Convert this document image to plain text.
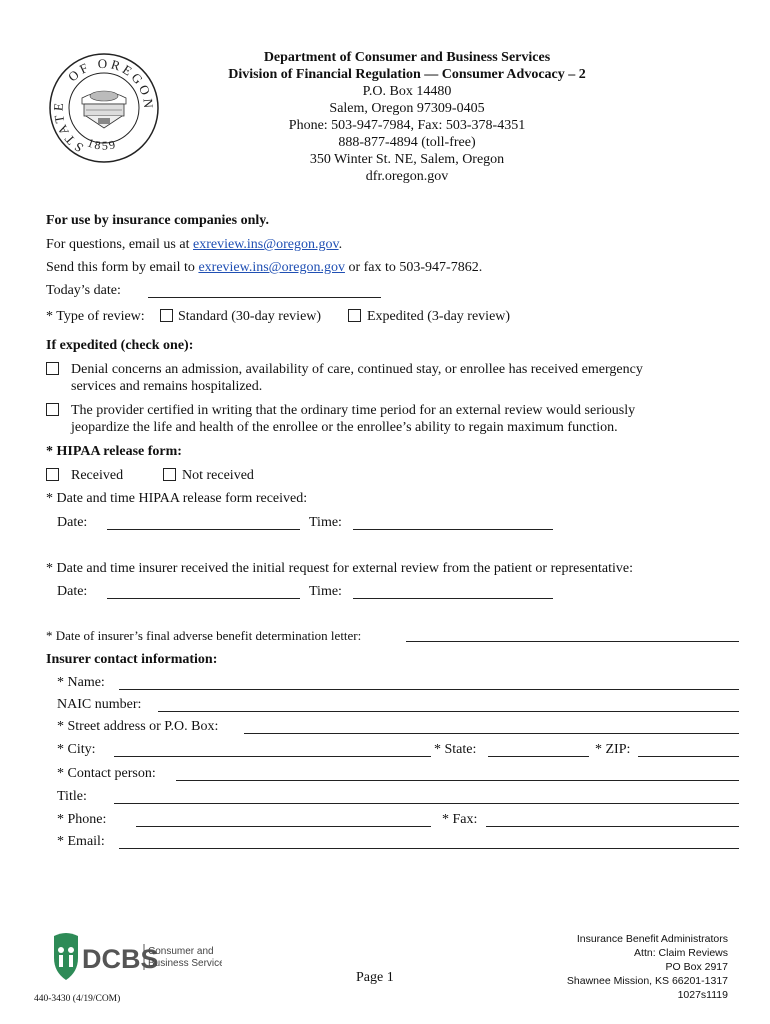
OF OREGON
STATE
1859
Department of Consumer and Business Services
Division of Financial Regulation — Consumer Advocacy – 2
P.O. Box 14480
Salem, Oregon 97309-0405
Phone: 503-947-7984, Fax: 503-378-4351
888-877-4894 (toll-free)
350 Winter St. NE, Salem, Oregon
dfr.oregon.gov
For use by insurance companies only.
For questions, email us at exreview.ins@oregon.gov.
Send this form by email to exreview.ins@oregon.gov or fax to 503-947-7862.
Today’s date:
* Type of review: Standard (30-day review)	Expedited (3-day review)
If expedited (check one):
Denial concerns an admission, availability of care, continued stay, or enrollee has received emergency
services and remains hospitalized.
The provider certified in writing that the ordinary time period for an external review would seriously
jeopardize the life and health of the enrollee or the enrollee’s ability to regain maximum function.
* HIPAA release form:
Received	Not received
* Date and time HIPAA release form received:
Date:	Time:
* Date and time insurer received the initial request for external review from the patient or representative:
Date:	Time:
* Date of insurer’s final adverse benefit determination letter:
Insurer contact information:
* Name:
NAIC number:
* Street address or P.O. Box:
* City:	* State:	* ZIP:
* Contact person:
Title:
* Phone:	* Fax:
* Email:
DCBS
Consumer and
Business Services
Page 1
440-3430 (4/19/COM)
Insurance Benefit Administrators
Attn: Claim Reviews
PO Box 2917
Shawnee Mission, KS 66201-1317
1027s1119
